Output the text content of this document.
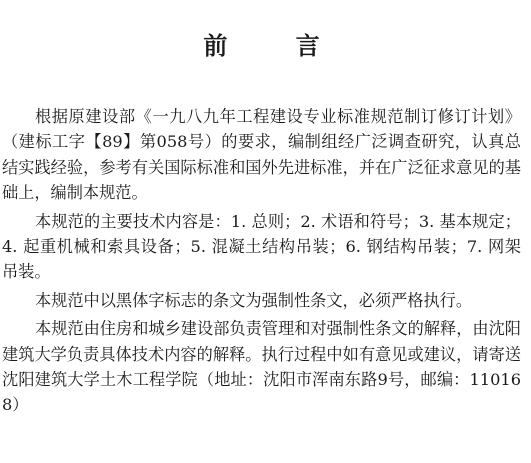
前 言

根据原建设部《一九八九年工程建设专业标准规范制订修订计划》（建标工字【89】第058号）的要求，编制组经广泛调查研究，认真总结实践经验，参考有关国际标准和国外先进标准，并在广泛征求意见的基础上，编制本规范。

本规范的主要技术内容是：1. 总则；2. 术语和符号；3. 基本规定；4. 起重机械和索具设备；5. 混凝土结构吊装；6. 钢结构吊装；7. 网架吊装。

本规范中以黑体字标志的条文为强制性条文，必须严格执行。

本规范由住房和城乡建设部负责管理和对强制性条文的解释，由沈阳建筑大学负责具体技术内容的解释。执行过程中如有意见或建议，请寄送沈阳建筑大学土木工程学院（地址：沈阳市浑南东路9号，邮编：110168）
